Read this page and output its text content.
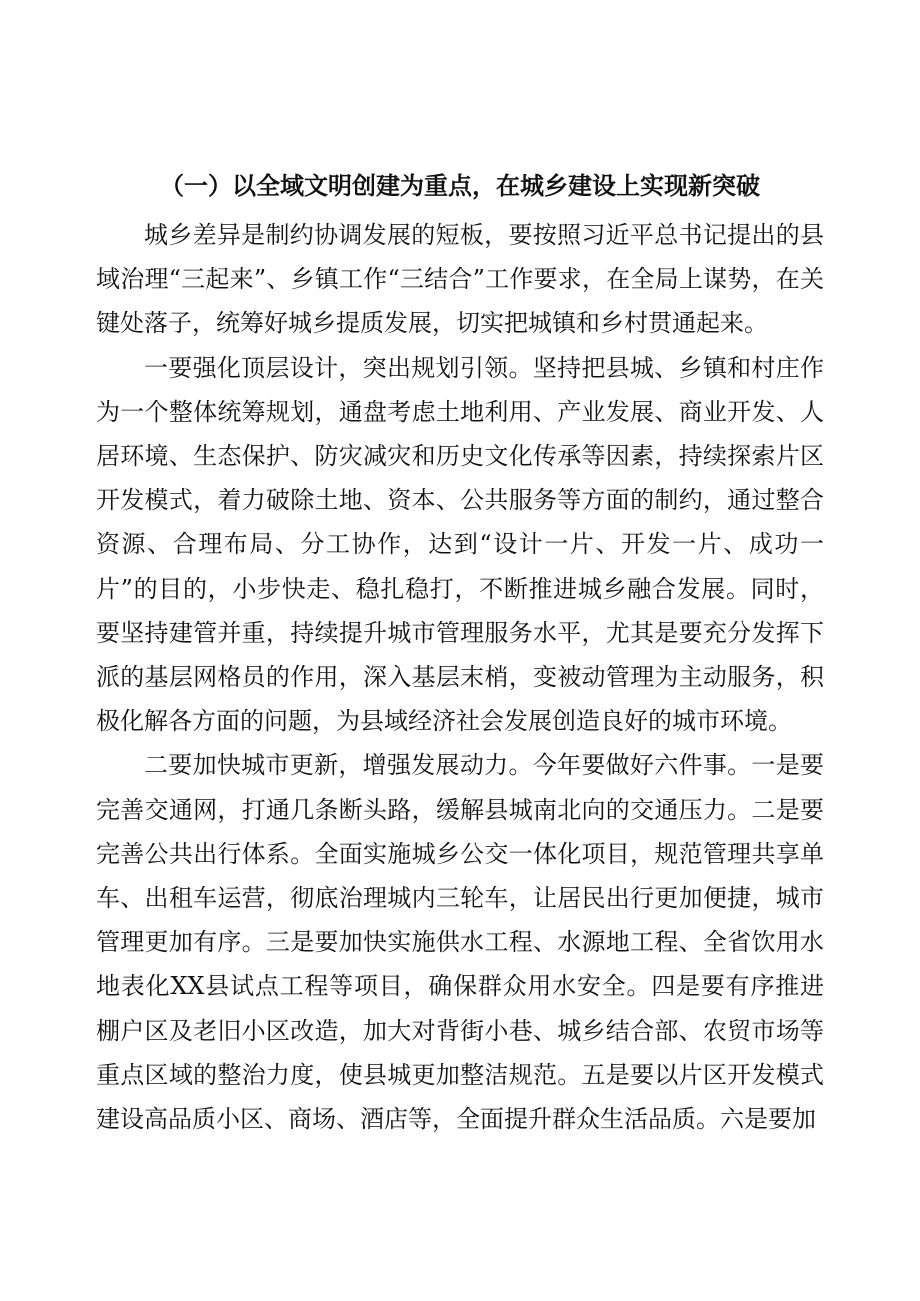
（一）以全域文明创建为重点，在城乡建设上实现新突破

城乡差异是制约协调发展的短板，要按照习近平总书记提出的县域治理“三起来”、乡镇工作“三结合”工作要求，在全局上谋势，在关键处落子，统筹好城乡提质发展，切实把城镇和乡村贯通起来。

一要强化顶层设计，突出规划引领。坚持把县城、乡镇和村庄作为一个整体统筹规划，通盘考虑土地利用、产业发展、商业开发、人居环境、生态保护、防灾减灾和历史文化传承等因素，持续探索片区开发模式，着力破除土地、资本、公共服务等方面的制约，通过整合资源、合理布局、分工协作，达到“设计一片、开发一片、成功一片”的目的，小步快走、稳扎稳打，不断推进城乡融合发展。同时，要坚持建管并重，持续提升城市管理服务水平，尤其是要充分发挥下派的基层网格员的作用，深入基层末梢，变被动管理为主动服务，积极化解各方面的问题，为县域经济社会发展创造良好的城市环境。

二要加快城市更新，增强发展动力。今年要做好六件事。一是要完善交通网，打通几条断头路，缓解县城南北向的交通压力。二是要完善公共出行体系。全面实施城乡公交一体化项目，规范管理共享单车、出租车运营，彻底治理城内三轮车，让居民出行更加便捷，城市管理更加有序。三是要加快实施供水工程、水源地工程、全省饮用水地表化XX县试点工程等项目，确保群众用水安全。四是要有序推进棚户区及老旧小区改造，加大对背街小巷、城乡结合部、农贸市场等重点区域的整治力度，使县城更加整洁规范。五是要以片区开发模式建设高品质小区、商场、酒店等，全面提升群众生活品质。六是要加
